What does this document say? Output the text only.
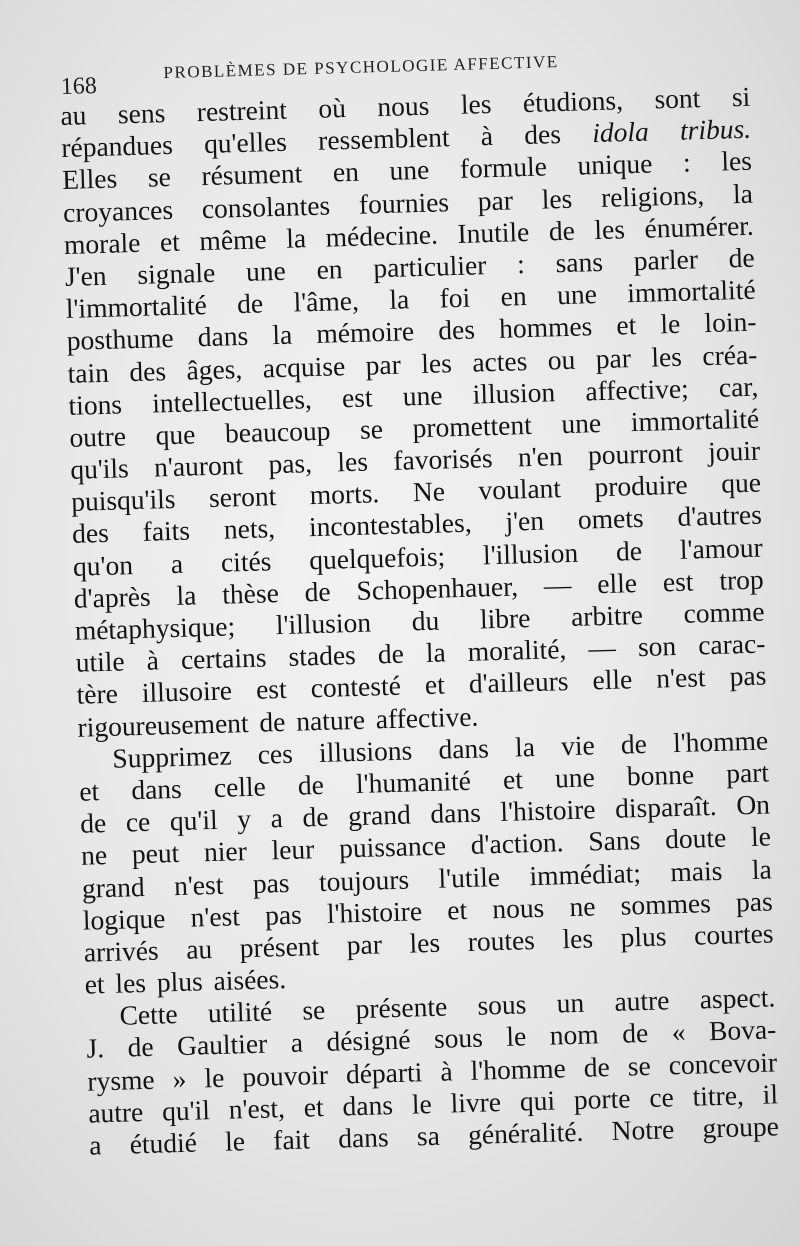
168
PROBLÈMES DE PSYCHOLOGIE AFFECTIVE
au sens restreint où nous les étudions, sont si
répandues qu'elles ressemblent à des idola tribus.
Elles se résument en une formule unique : les
croyances consolantes fournies par les religions, la
morale et même la médecine. Inutile de les énumérer.
J'en signale une en particulier : sans parler de
l'immortalité de l'âme, la foi en une immortalité
posthume dans la mémoire des hommes et le loin-
tain des âges, acquise par les actes ou par les créa-
tions intellectuelles, est une illusion affective; car,
outre que beaucoup se promettent une immortalité
qu'ils n'auront pas, les favorisés n'en pourront jouir
puisqu'ils seront morts. Ne voulant produire que
des faits nets, incontestables, j'en omets d'autres
qu'on a cités quelquefois; l'illusion de l'amour
d'après la thèse de Schopenhauer, — elle est trop
métaphysique; l'illusion du libre arbitre comme
utile à certains stades de la moralité, — son carac-
tère illusoire est contesté et d'ailleurs elle n'est pas
rigoureusement
de
nature
affective.
Supprimez ces illusions dans la vie de l'homme
et dans celle de l'humanité et une bonne part
de ce qu'il y a de grand dans l'histoire disparaît. On
ne peut nier leur puissance d'action. Sans doute le
grand n'est pas toujours l'utile immédiat; mais la
logique n'est pas l'histoire et nous ne sommes pas
arrivés au présent par les routes les plus courtes
et
les
plus
aisées.
Cette utilité se présente sous un autre aspect.
J. de Gaultier a désigné sous le nom de « Bova-
rysme » le pouvoir départi à l'homme de se concevoir
autre qu'il n'est, et dans le livre qui porte ce titre, il
a étudié le fait dans sa généralité. Notre groupe
